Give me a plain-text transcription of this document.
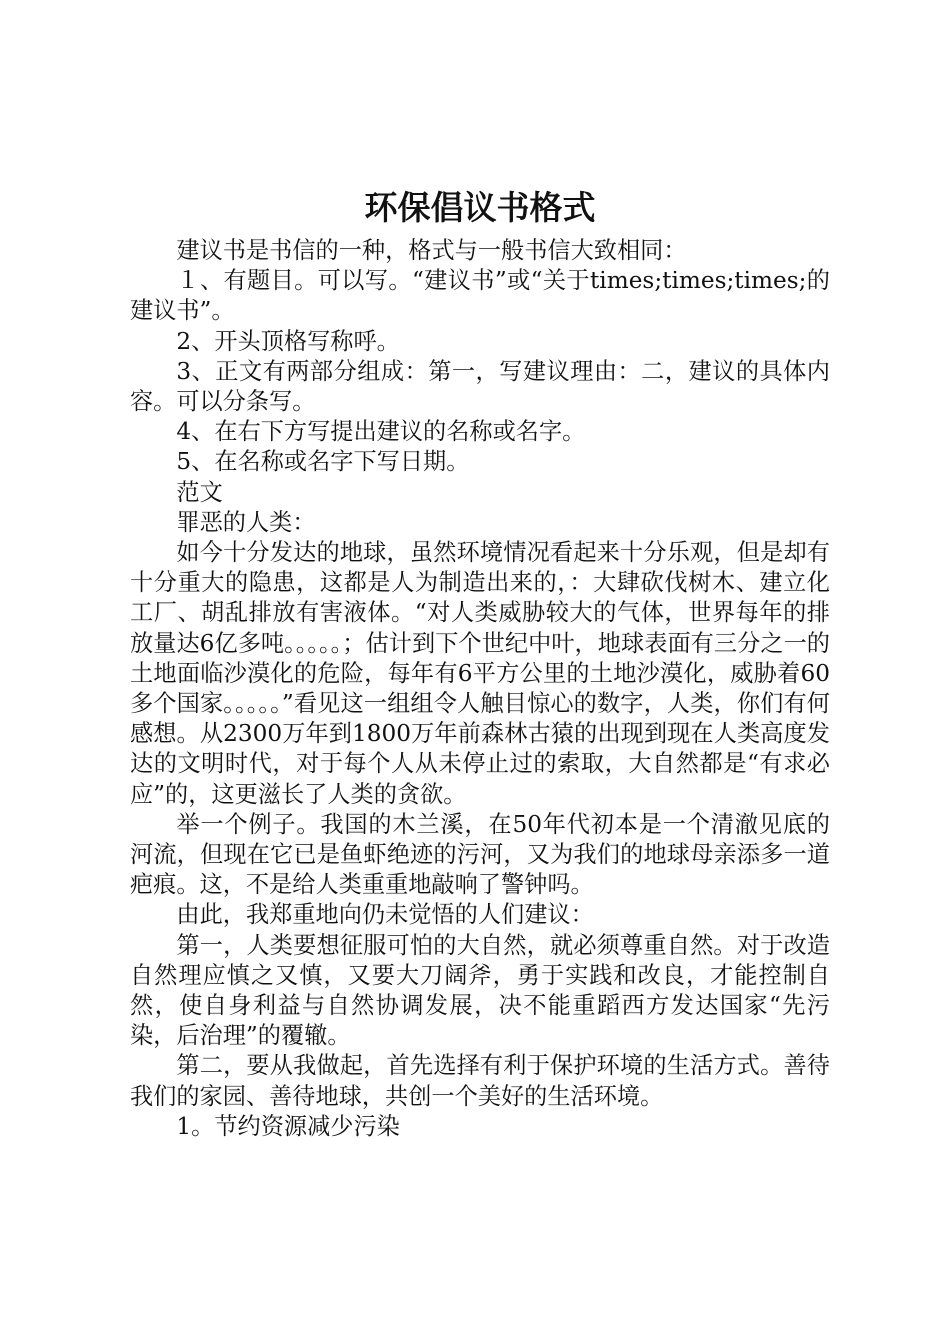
环保倡议书格式

建议书是书信的一种，格式与一般书信大致相同：

１、有题目。可以写。“建议书”或“关于times;times;times;的建议书”。

2、开头顶格写称呼。

3、正文有两部分组成：第一，写建议理由：二，建议的具体内容。可以分条写。

4、在右下方写提出建议的名称或名字。

5、在名称或名字下写日期。

范文

罪恶的人类：

如今十分发达的地球，虽然环境情况看起来十分乐观，但是却有十分重大的隐患，这都是人为制造出来的，：大肆砍伐树木、建立化工厂、胡乱排放有害液体。“对人类威胁较大的气体，世界每年的排放量达6亿多吨。。。。。；估计到下个世纪中叶，地球表面有三分之一的土地面临沙漠化的危险，每年有6平方公里的土地沙漠化，威胁着60多个国家。。。。。”看见这一组组令人触目惊心的数字，人类，你们有何感想。从2300万年到1800万年前森林古猿的出现到现在人类高度发达的文明时代，对于每个人从未停止过的索取，大自然都是“有求必应”的，这更滋长了人类的贪欲。

举一个例子。我国的木兰溪，在50年代初本是一个清澈见底的河流，但现在它已是鱼虾绝迹的污河，又为我们的地球母亲添多一道疤痕。这，不是给人类重重地敲响了警钟吗。

由此，我郑重地向仍未觉悟的人们建议：

第一，人类要想征服可怕的大自然，就必须尊重自然。对于改造自然理应慎之又慎，又要大刀阔斧，勇于实践和改良，才能控制自然，使自身利益与自然协调发展，决不能重蹈西方发达国家“先污染，后治理”的覆辙。

第二，要从我做起，首先选择有利于保护环境的生活方式。善待我们的家园、善待地球，共创一个美好的生活环境。

1。节约资源减少污染
